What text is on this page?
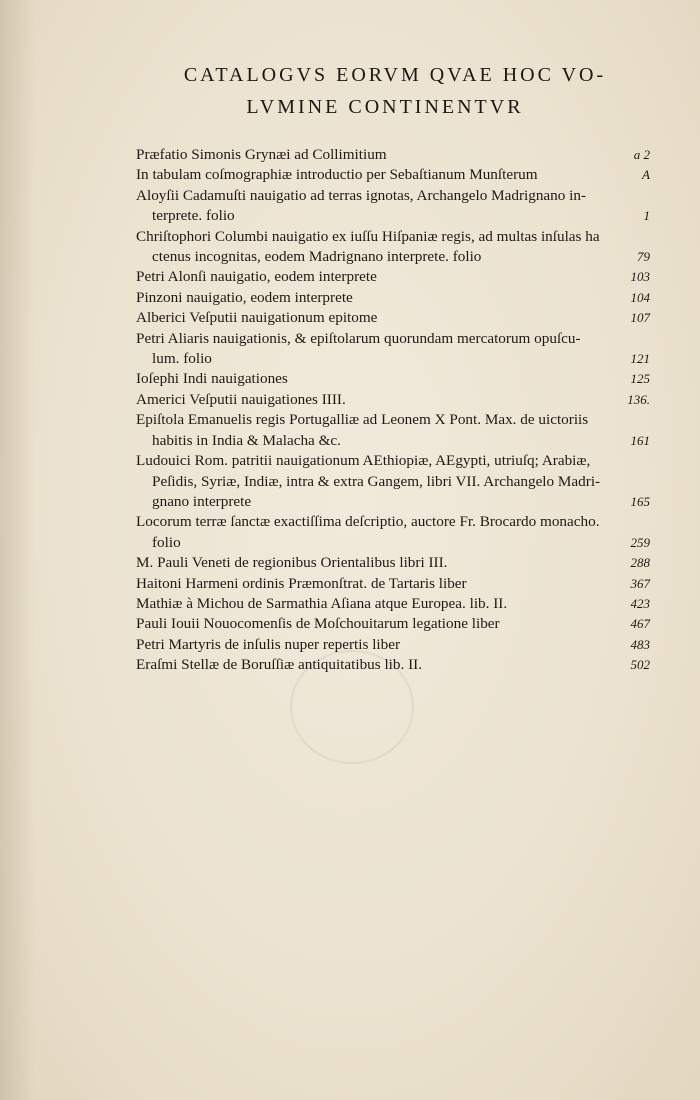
CATALOGVS EORVM QVAE HOC VO-
LVMINE CONTINENTVR
Præfatio Simonis Grynæi ad Collimitium	a 2
In tabulam coſmographiæ introductio per Sebaſtianum Munſterum	A
Aloyſii Cadamuſti nauigatio ad terras ignotas, Archangelo Madrignano in-
terprete. folio	1
Chriſtophori Columbi nauigatio ex iuſſu Hiſpaniæ regis, ad multas inſulas ha
ctenus incognitas, eodem Madrignano interprete. folio	79
Petri Alonſi nauigatio, eodem interprete	103
Pinzoni nauigatio, eodem interprete	104
Alberici Veſputii nauigationum epitome	107
Petri Aliaris nauigationis, & epiſtolarum quorundam mercatorum opuſcu-
lum. folio	121
Ioſephi Indi nauigationes	125
Americi Veſputii nauigationes IIII.	136.
Epiſtola Emanuelis regis Portugalliæ ad Leonem X Pont. Max. de uictoriis
habitis in India & Malacha &c.	161
Ludouici Rom. patritii nauigationum AEthiopiæ, AEgypti, utriuſq; Arabiæ,
Peſidis, Syriæ, Indiæ, intra & extra Gangem, libri VII. Archangelo Madri-
gnano interprete	165
Locorum terræ ſanctæ exactiſſima deſcriptio, auctore Fr. Brocardo monacho.
folio	259
M. Pauli Veneti de regionibus Orientalibus libri III.	288
Haitoni Harmeni ordinis Præmonſtrat. de Tartaris liber	367
Mathiæ à Michou de Sarmathia Aſiana atque Europea. lib. II.	423
Pauli Iouii Nouocomenſis de Moſchouitarum legatione liber	467
Petri Martyris de inſulis nuper repertis liber	483
Eraſmi Stellæ de Boruſſiæ antiquitatibus lib. II.	502
